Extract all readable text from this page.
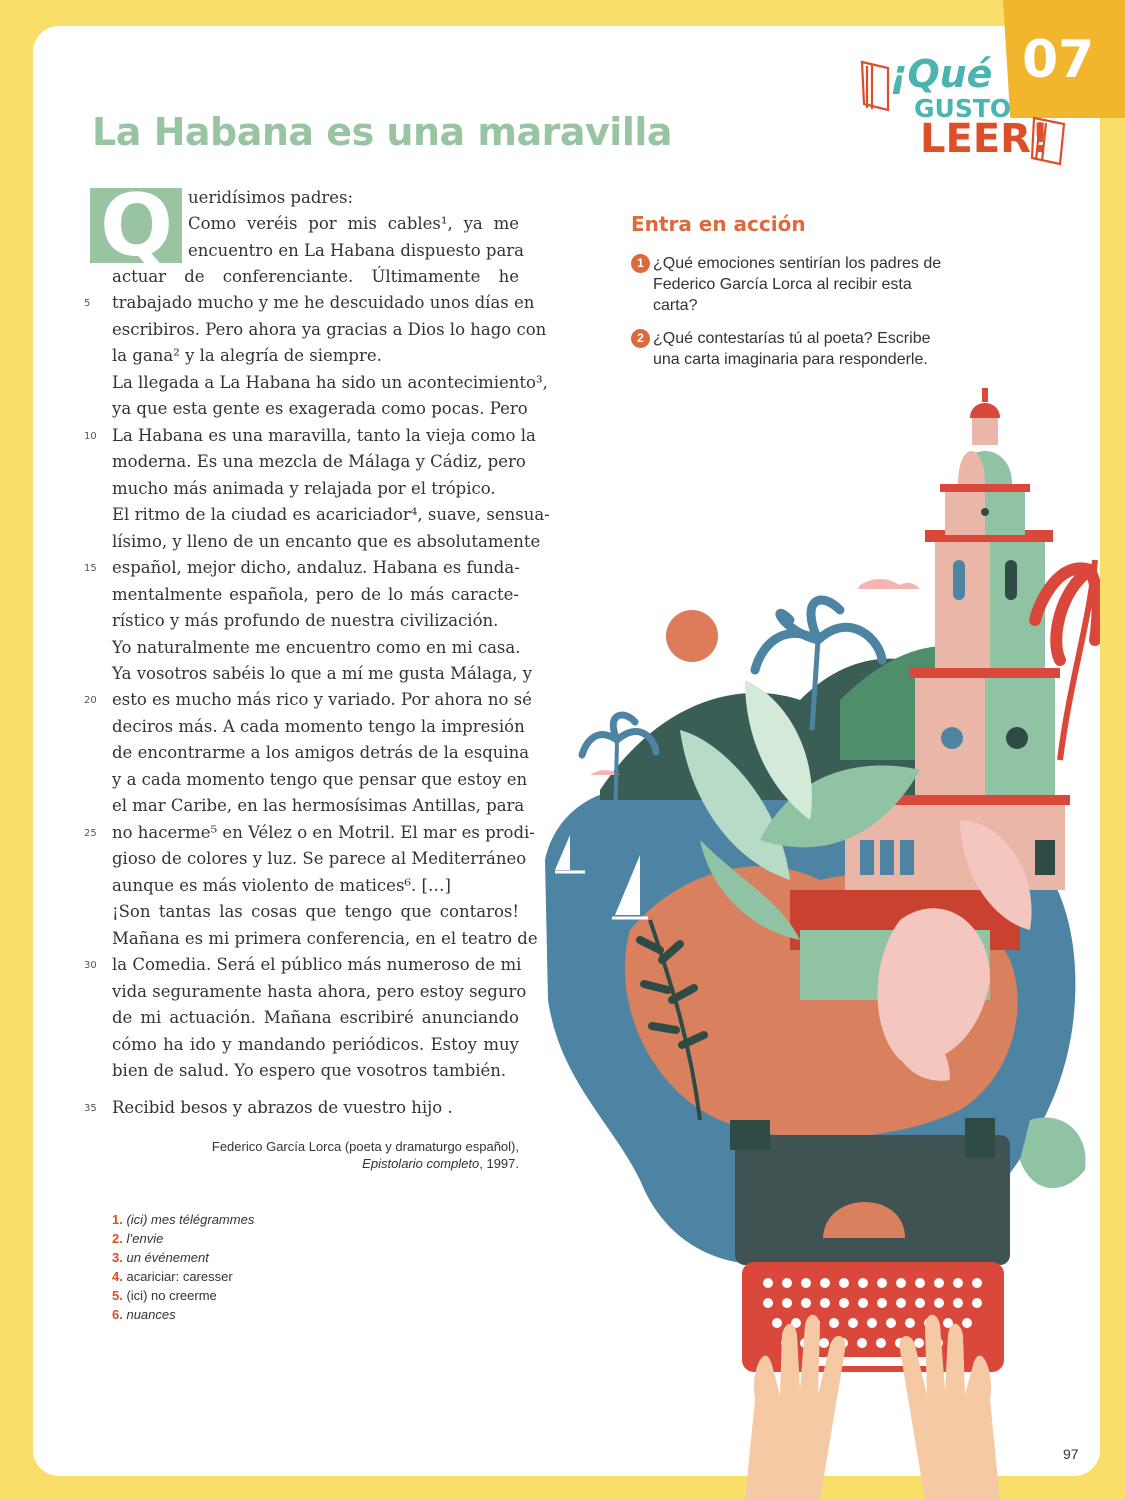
07
¡Qué
GUSTO
LEER!
La Habana es una maravilla
Q ueridísimos padres:
Como veréis por mis cables¹, ya me
encuentro en La Habana dispuesto para
actuar de conferenciante. Últimamente he
trabajado mucho y me he descuidado unos días en
5
escribiros. Pero ahora ya gracias a Dios lo hago con
la gana² y la alegría de siempre.
La llegada a La Habana ha sido un acontecimiento³,
ya que esta gente es exagerada como pocas. Pero
La Habana es una maravilla, tanto la vieja como la
10
moderna. Es una mezcla de Málaga y Cádiz, pero
mucho más animada y relajada por el trópico.
El ritmo de la ciudad es acariciador⁴, suave, sensua-
lísimo, y lleno de un encanto que es absolutamente
español, mejor dicho, andaluz. Habana es funda-
15
mentalmente española, pero de lo más caracte-
rístico y más profundo de nuestra civilización.
Yo naturalmente me encuentro como en mi casa.
Ya vosotros sabéis lo que a mí me gusta Málaga, y
esto es mucho más rico y variado. Por ahora no sé
20
deciros más. A cada momento tengo la impresión
de encontrarme a los amigos detrás de la esquina
y a cada momento tengo que pensar que estoy en
el mar Caribe, en las hermosísimas Antillas, para
no hacerme⁵ en Vélez o en Motril. El mar es prodi-
25
gioso de colores y luz. Se parece al Mediterráneo
aunque es más violento de matices⁶. […]
¡Son tantas las cosas que tengo que contaros!
Mañana es mi primera conferencia, en el teatro de
la Comedia. Será el público más numeroso de mi
30
vida seguramente hasta ahora, pero estoy seguro
de mi actuación. Mañana escribiré anunciando
cómo ha ido y mandando periódicos. Estoy muy
bien de salud. Yo espero que vosotros también.
Recibid besos y abrazos de vuestro hijo .
35
Federico García Lorca (poeta y dramaturgo español),
Epistolario completo, 1997.
1. (ici) mes télégrammes
2. l’envie
3. un événement
4. acariciar: caresser
5. (ici) no creerme
6. nuances
Entra en acción
1 ¿Qué emociones sentirían los padres de Federico García Lorca al recibir esta carta?
2 ¿Qué contestarías tú al poeta? Escribe una carta imaginaria para responderle.
97
